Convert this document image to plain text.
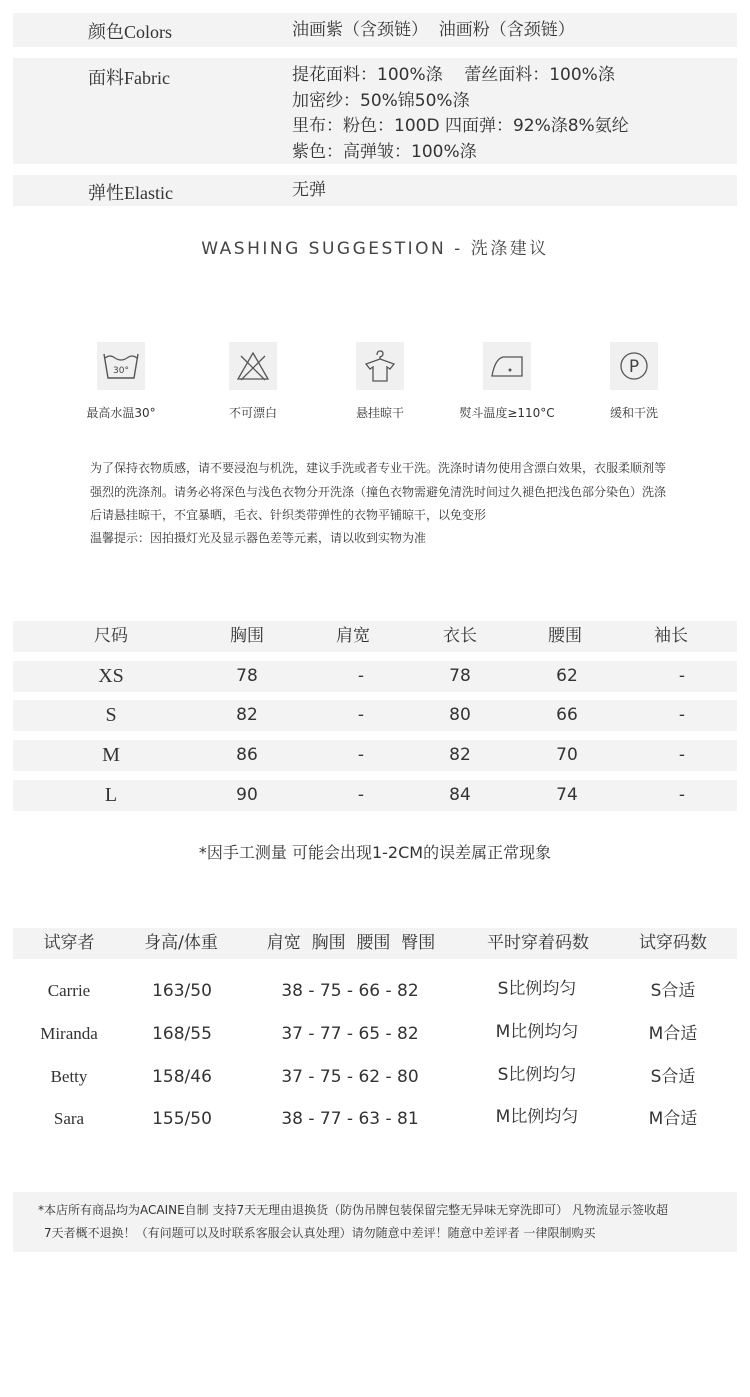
颜色Colors	油画紫（含颈链）  油画粉（含颈链）
面料Fabric	提花面料：100%涤    蕾丝面料：100%涤
加密纱：50%锦50%涤
里布：粉色：100D 四面弹：92%涤8%氨纶
紫色：高弹皱：100%涤
弹性Elastic	无弹
WASHING SUGGESTION - 洗涤建议
30°
最高水温30°	不可漂白	悬挂晾干	熨斗温度≥110°C
P
缓和干洗
为了保持衣物质感，请不要浸泡与机洗，建议手洗或者专业干洗。洗涤时请勿使用含漂白效果，衣服柔顺剂等强烈的洗涤剂。请务必将深色与浅色衣物分开洗涤（撞色衣物需避免清洗时间过久褪色把浅色部分染色）洗涤后请悬挂晾干，不宜暴晒，毛衣、针织类带弹性的衣物平铺晾干，以免变形
温馨提示：因拍摄灯光及显示器色差等元素，请以收到实物为准
尺码	胸围	肩宽	衣长	腰围	袖长
XS	78	-	78	62	-
S	82	-	80	66	-
M	86	-	82	70	-
L	90	-	84	74	-
*因手工测量 可能会出现1-2CM的误差属正常现象
试穿者	身高/体重	肩宽  胸围  腰围  臀围	平时穿着码数	试穿码数
Carrie	163/50	38 - 75 - 66 - 82	S比例均匀	S合适
Miranda	168/55	37 - 77 - 65 - 82	M比例均匀	M合适
Betty	158/46	37 - 75 - 62 - 80	S比例均匀	S合适
Sara	155/50	38 - 77 - 63 - 81	M比例均匀	M合适

*本店所有商品均为ACAINE自制 支持7天无理由退换货（防伪吊牌包装保留完整无异味无穿洗即可） 凡物流显示签收超

7天者概不退换！（有问题可以及时联系客服会认真处理）请勿随意中差评！随意中差评者 一律限制购买
